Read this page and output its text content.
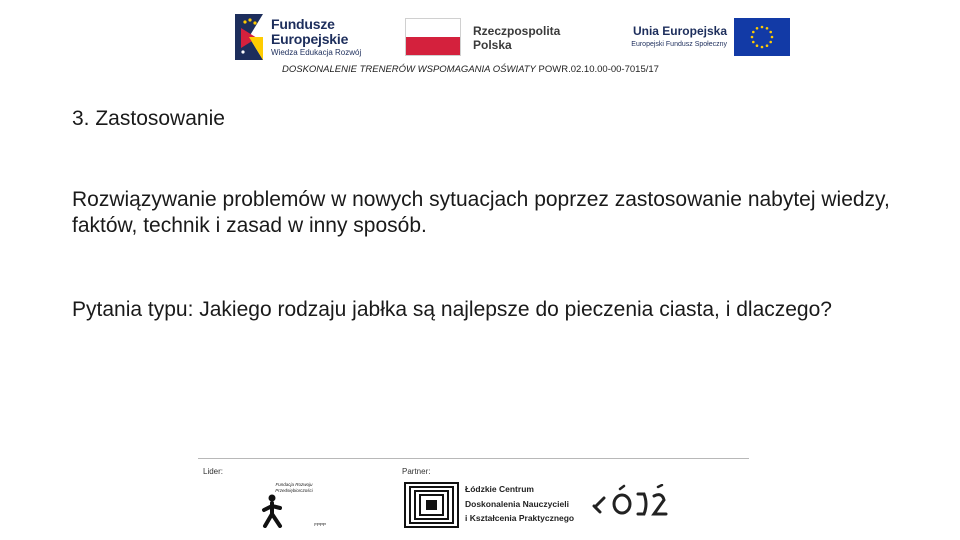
Fundusze
Europejskie
Wiedza Edukacja Rozwój
Rzeczpospolita
Polska
Unia Europejska
Europejski Fundusz Społeczny
DOSKONALENIE TRENERÓW WSPOMAGANIA OŚWIATY POWR.02.10.00-00-7015/17
3. Zastosowanie
Rozwiązywanie problemów w nowych sytuacjach poprzez zastosowanie nabytej wiedzy, faktów, technik i zasad w inny sposób.
Pytania typu: Jakiego rodzaju jabłka są najlepsze do pieczenia ciasta, i dlaczego?
Lider:	Partner:
Fundacja Rozwoju
Przedsiębiorczości
FPPP
Łódzkie Centrum
Doskonalenia Nauczycieli
i Kształcenia Praktycznego
